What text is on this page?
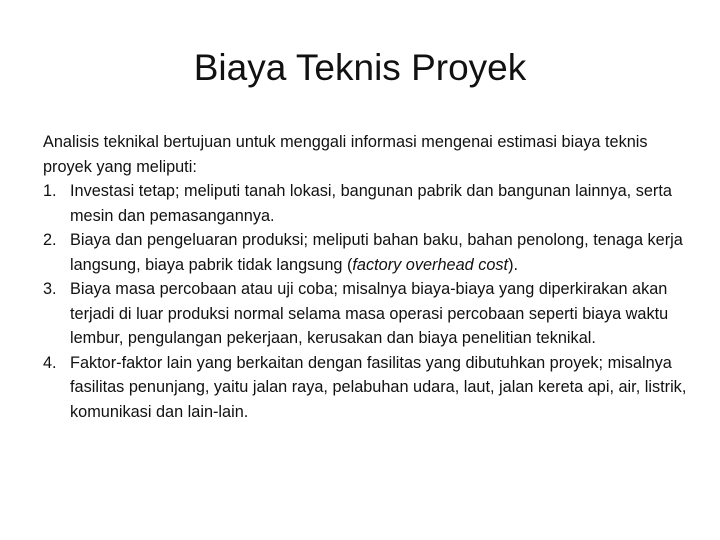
Biaya Teknis Proyek

Analisis teknikal bertujuan untuk menggali informasi mengenai estimasi biaya teknis proyek yang meliputi:

1. Investasi tetap; meliputi tanah lokasi, bangunan pabrik dan bangunan lainnya, serta mesin dan pemasangannya.
2. Biaya dan pengeluaran produksi; meliputi bahan baku, bahan penolong, tenaga kerja langsung, biaya pabrik tidak langsung (factory overhead cost).
3. Biaya masa percobaan atau uji coba; misalnya biaya-biaya yang diperkirakan akan terjadi di luar produksi normal selama masa operasi percobaan seperti biaya waktu lembur, pengulangan pekerjaan, kerusakan dan biaya penelitian teknikal.
4. Faktor-faktor lain yang berkaitan dengan fasilitas yang dibutuhkan proyek; misalnya fasilitas penunjang, yaitu jalan raya, pelabuhan udara, laut, jalan kereta api, air, listrik, komunikasi dan lain-lain.
